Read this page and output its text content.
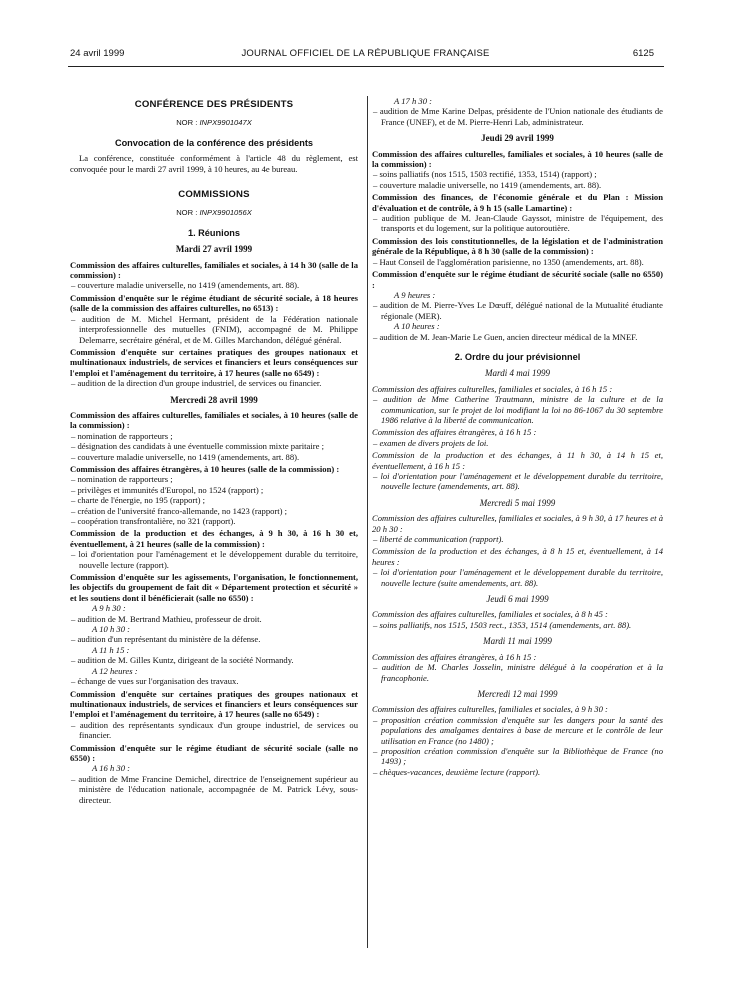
24 avril 1999	JOURNAL OFFICIEL DE LA RÉPUBLIQUE FRANÇAISE	6125
CONFÉRENCE DES PRÉSIDENTS
NOR : INPX9901047X
Convocation de la conférence des présidents

La conférence, constituée conformément à l'article 48 du règlement, est convoquée pour le mardi 27 avril 1999, à 10 heures, au 4e bureau.

COMMISSIONS
NOR : INPX9901056X
1. Réunions
Mardi 27 avril 1999

Commission des affaires culturelles, familiales et sociales, à 14 h 30 (salle de la commission) :

– couverture maladie universelle, no 1419 (amendements, art. 88).

Commission d'enquête sur le régime étudiant de sécurité sociale, à 18 heures (salle de la commission des affaires culturelles, no 6513) :

– audition de M. Michel Hermant, président de la Fédération nationale interprofessionnelle des mutuelles (FNIM), accompagné de M. Philippe Delemarre, secrétaire général, et de M. Gilles Marchandon, délégué général.

Commission d'enquête sur certaines pratiques des groupes nationaux et multinationaux industriels, de services et financiers et leurs conséquences sur l'emploi et l'aménagement du territoire, à 17 heures (salle no 6549) :

– audition de la direction d'un groupe industriel, de services ou financier.

Mercredi 28 avril 1999

Commission des affaires culturelles, familiales et sociales, à 10 heures (salle de la commission) :

– nomination de rapporteurs ;

– désignation des candidats à une éventuelle commission mixte paritaire ;

– couverture maladie universelle, no 1419 (amendements, art. 88).

Commission des affaires étrangères, à 10 heures (salle de la commission) :

– nomination de rapporteurs ;

– privilèges et immunités d'Europol, no 1524 (rapport) ;

– charte de l'énergie, no 195 (rapport) ;

– création de l'université franco-allemande, no 1423 (rapport) ;

– coopération transfrontalière, no 321 (rapport).

Commission de la production et des échanges, à 9 h 30, à 16 h 30 et, éventuellement, à 21 heures (salle de la commission) :

– loi d'orientation pour l'aménagement et le développement durable du territoire, nouvelle lecture (rapport).

Commission d'enquête sur les agissements, l'organisation, le fonctionnement, les objectifs du groupement de fait dit « Département protection et sécurité » et les soutiens dont il bénéficierait (salle no 6550) :

A 9 h 30 :

– audition de M. Bertrand Mathieu, professeur de droit.

A 10 h 30 :

– audition d'un représentant du ministère de la défense.

A 11 h 15 :

– audition de M. Gilles Kuntz, dirigeant de la société Normandy.

A 12 heures :

– échange de vues sur l'organisation des travaux.

Commission d'enquête sur certaines pratiques des groupes nationaux et multinationaux industriels, de services et financiers et leurs conséquences sur l'emploi et l'aménagement du territoire, à 17 heures (salle no 6549) :

– audition des représentants syndicaux d'un groupe industriel, de services ou financier.

Commission d'enquête sur le régime étudiant de sécurité sociale (salle no 6550) :

A 16 h 30 :

– audition de Mme Francine Demichel, directrice de l'enseignement supérieur au ministère de l'éducation nationale, accompagnée de M. Patrick Lévy, sous-directeur.

A 17 h 30 :

– audition de Mme Karine Delpas, présidente de l'Union nationale des étudiants de France (UNEF), et de M. Pierre-Henri Lab, administrateur.

Jeudi 29 avril 1999

Commission des affaires culturelles, familiales et sociales, à 10 heures (salle de la commission) :

– soins palliatifs (nos 1515, 1503 rectifié, 1353, 1514) (rapport) ;

– couverture maladie universelle, no 1419 (amendements, art. 88).

Commission des finances, de l'économie générale et du Plan : Mission d'évaluation et de contrôle, à 9 h 15 (salle Lamartine) :

– audition publique de M. Jean-Claude Gayssot, ministre de l'équipement, des transports et du logement, sur la politique autoroutière.

Commission des lois constitutionnelles, de la législation et de l'administration générale de la République, à 8 h 30 (salle de la commission) :

– Haut Conseil de l'agglomération parisienne, no 1350 (amendements, art. 88).

Commission d'enquête sur le régime étudiant de sécurité sociale (salle no 6550) :

A 9 heures :

– audition de M. Pierre-Yves Le Dœuff, délégué national de la Mutualité étudiante régionale (MER).

A 10 heures :

– audition de M. Jean-Marie Le Guen, ancien directeur médical de la MNEF.

2. Ordre du jour prévisionnel
Mardi 4 mai 1999

Commission des affaires culturelles, familiales et sociales, à 16 h 15 :

– audition de Mme Catherine Trautmann, ministre de la culture et de la communication, sur le projet de loi modifiant la loi no 86-1067 du 30 septembre 1986 relative à la liberté de communication.

Commission des affaires étrangères, à 16 h 15 :

– examen de divers projets de loi.

Commission de la production et des échanges, à 11 h 30, à 14 h 15 et, éventuellement, à 16 h 15 :

– loi d'orientation pour l'aménagement et le développement durable du territoire, nouvelle lecture (amendements, art. 88).

Mercredi 5 mai 1999

Commission des affaires culturelles, familiales et sociales, à 9 h 30, à 17 heures et à 20 h 30 :

– liberté de communication (rapport).

Commission de la production et des échanges, à 8 h 15 et, éventuellement, à 14 heures :

– loi d'orientation pour l'aménagement et le développement durable du territoire, nouvelle lecture (suite amendements, art. 88).

Jeudi 6 mai 1999

Commission des affaires culturelles, familiales et sociales, à 8 h 45 :

– soins palliatifs, nos 1515, 1503 rect., 1353, 1514 (amendements, art. 88).

Mardi 11 mai 1999

Commission des affaires étrangères, à 16 h 15 :

– audition de M. Charles Josselin, ministre délégué à la coopération et à la francophonie.

Mercredi 12 mai 1999

Commission des affaires culturelles, familiales et sociales, à 9 h 30 :

– proposition création commission d'enquête sur les dangers pour la santé des populations des amalgames dentaires à base de mercure et le contrôle de leur utilisation en France (no 1480) ;

– proposition création commission d'enquête sur la Bibliothèque de France (no 1493) ;

– chèques-vacances, deuxième lecture (rapport).
